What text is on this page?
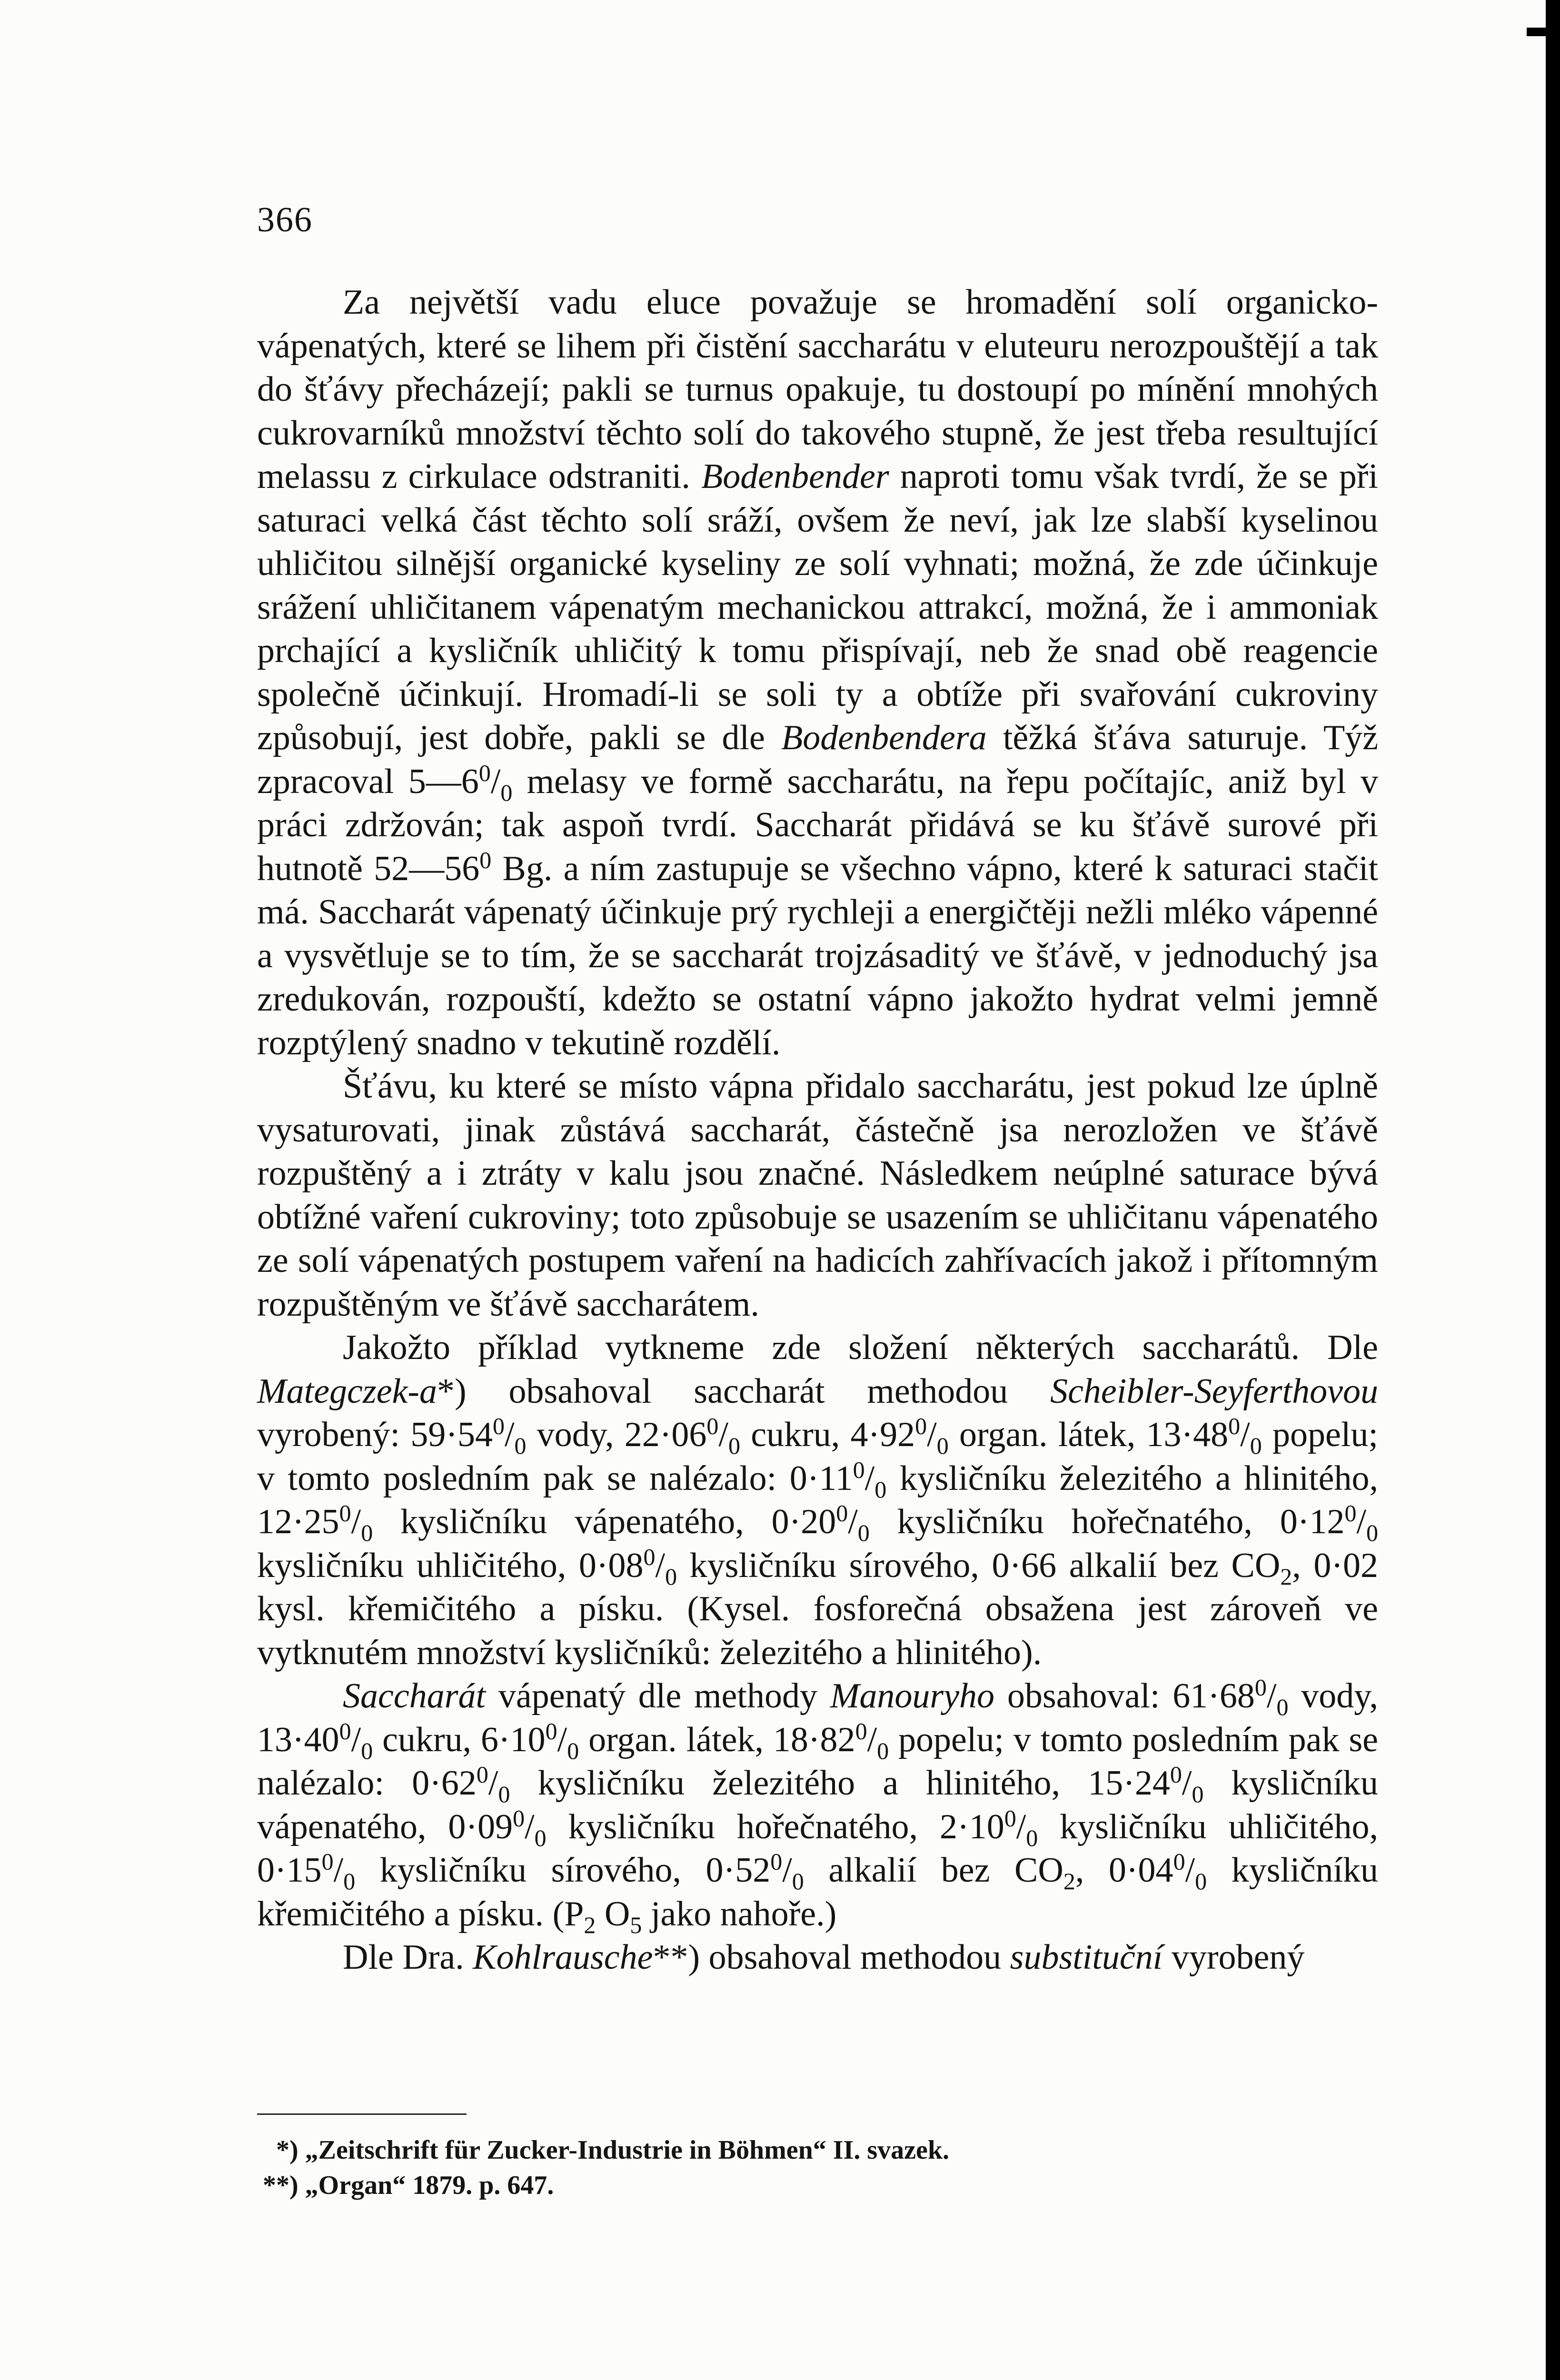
366

Za největší vadu eluce považuje se hromadění solí organicko-vápenatých, které se lihem při čistění saccharátu v eluteuru nerozpouštějí a tak do šťávy přecházejí; pakli se turnus opakuje, tu dostoupí po mínění mnohých cukrovarníků množství těchto solí do takového stupně, že jest třeba resultující melassu z cirkulace odstraniti. Bodenbender naproti tomu však tvrdí, že se při saturaci velká část těchto solí sráží, ovšem že neví, jak lze slabší kyselinou uhličitou silnější organické kyseliny ze solí vyhnati; možná, že zde účinkuje srážení uhličitanem vápenatým mechanickou attrakcí, možná, že i ammoniak prchající a kysličník uhličitý k tomu přispívají, neb že snad obě reagencie společně účinkují. Hromadí-li se soli ty a obtíže při svařování cukroviny způsobují, jest dobře, pakli se dle Bodenbendera těžká šťáva saturuje. Týž zpracoval $5—6^0/_0$ melasy ve formě saccharátu, na řepu počítajíc, aniž byl v práci zdržován; tak aspoň tvrdí. Saccharát přidává se ku šťávě surové při hutnotě $52—56^0$ Bg. a ním zastupuje se všechno vápno, které k saturaci stačit má. Saccharát vápenatý účinkuje prý rychleji a energičtěji nežli mléko vápenné a vysvětluje se to tím, že se saccharát trojzásaditý ve šťávě, v jednoduchý jsa zredukován, rozpouští, kdežto se ostatní vápno jakožto hydrat velmi jemně rozptýlený snadno v tekutině rozdělí.

Šťávu, ku které se místo vápna přidalo saccharátu, jest pokud lze úplně vysaturovati, jinak zůstává saccharát, částečně jsa nerozložen ve šťávě rozpuštěný a i ztráty v kalu jsou značné. Následkem neúplné saturace bývá obtížné vaření cukroviny; toto způsobuje se usazením se uhličitanu vápenatého ze solí vápenatých postupem vaření na hadicích zahřívacích jakož i přítomným rozpuštěným ve šťávě saccharátem.

Jakožto příklad vytkneme zde složení některých saccharátů. Dle Mategczek-a*) obsahoval saccharát methodou Scheibler-Seyferthovou vyrobený: $59\cdot 54^0/_0$ vody, $22\cdot 06^0/_0$ cukru, $4\cdot 92^0/_0$ organ. látek, $13\cdot 48^0/_0$ popelu; v tomto posledním pak se nalézalo: $0\cdot 11^0/_0$ kysličníku železitého a hlinitého, $12\cdot 25^0/_0$ kysličníku vápenatého, $0\cdot 20^0/_0$ kysličníku hořečnatého, $0\cdot 12^0/_0$ kysličníku uhličitého, $0\cdot 08^0/_0$ kysličníku sírového, 0·66 alkalií bez $CO_2$, 0·02 kysl. křemičitého a písku. (Kysel. fosforečná obsažena jest zároveň ve vytknutém množství kysličníků: železitého a hlinitého).

Saccharát vápenatý dle methody Manouryho obsahoval: $61\cdot 68^0/_0$ vody, $13\cdot 40^0/_0$ cukru, $6\cdot 10^0/_0$ organ. látek, $18\cdot 82^0/_0$ popelu; v tomto posledním pak se nalézalo: $0\cdot 62^0/_0$ kysličníku železitého a hlinitého, $15\cdot 24^0/_0$ kysličníku vápenatého, $0\cdot 09^0/_0$ kysličníku hořečnatého, $2\cdot 10^0/_0$ kysličníku uhličitého, $0\cdot 15^0/_0$ kysličníku sírového, $0\cdot 52^0/_0$ alkalií bez $CO_2$, $0\cdot 04^0/_0$ kysličníku křemičitého a písku. ($P_2$ $O_5$ jako nahoře.)

Dle Dra. Kohlrausche**) obsahoval methodou substituční vyrobený

*) „Zeitschrift für Zucker-Industrie in Böhmen“ II. svazek.

**) „Organ“ 1879. p. 647.
